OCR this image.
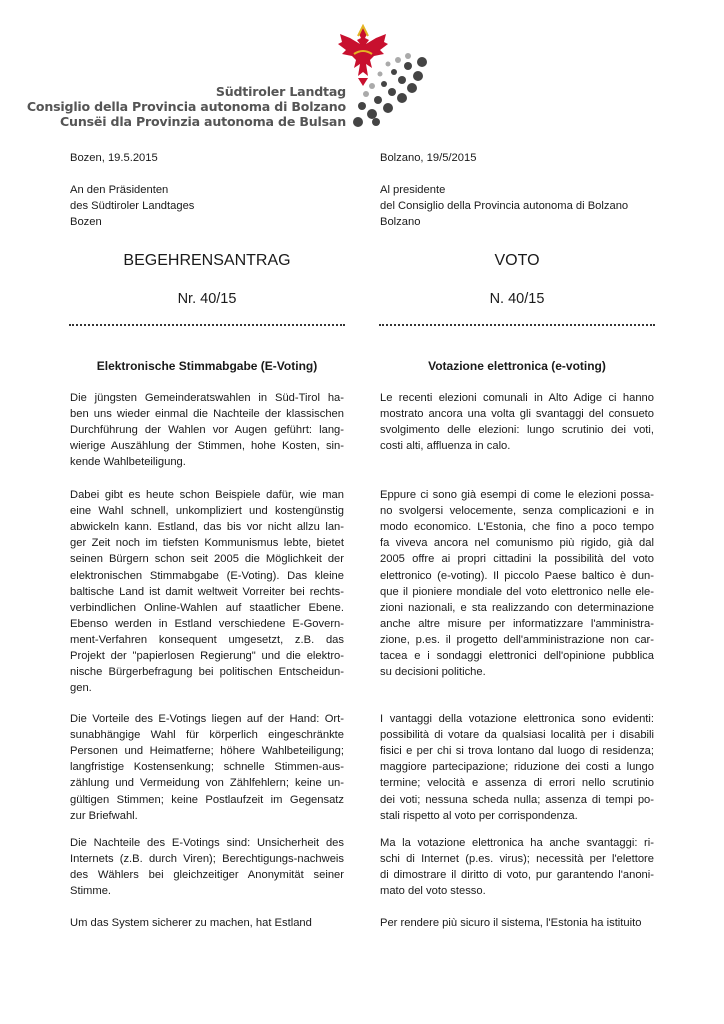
Südtiroler Landtag
Consiglio della Provincia autonoma di Bolzano
Cunsëi dla Provinzia autonoma de Bulsan

Bozen, 19.5.2015

An den Präsidenten

des Südtiroler Landtages

Bozen

BEGEHRENSANTRAG

Nr. 40/15

Elektronische Stimmabgabe (E-Voting)

Die jüngsten Gemeinderatswahlen in Süd-Tirol ha-

ben uns wieder einmal die Nachteile der klassischen

Durchführung der Wahlen vor Augen geführt: lang-

wierige Auszählung der Stimmen, hohe Kosten, sin-

kende Wahlbeteiligung.

Dabei gibt es heute schon Beispiele dafür, wie man

eine Wahl schnell, unkompliziert und kostengünstig

abwickeln kann. Estland, das bis vor nicht allzu lan-

ger Zeit noch im tiefsten Kommunismus lebte, bietet

seinen Bürgern schon seit 2005 die Möglichkeit der

elektronischen Stimmabgabe (E-Voting). Das kleine

baltische Land ist damit weltweit Vorreiter bei rechts-

verbindlichen Online-Wahlen auf staatlicher Ebene.

Ebenso werden in Estland verschiedene E-Govern-

ment-Verfahren konsequent umgesetzt, z.B. das

Projekt der "papierlosen Regierung" und die elektro-

nische Bürgerbefragung bei politischen Entscheidun-

gen.

Die Vorteile des E-Votings liegen auf der Hand: Ort-

sunabhängige Wahl für körperlich eingeschränkte

Personen und Heimatferne; höhere Wahlbeteiligung;

langfristige Kostensenkung; schnelle Stimmen-aus-

zählung und Vermeidung von Zählfehlern; keine un-

gültigen Stimmen; keine Postlaufzeit im Gegensatz

zur Briefwahl.

Die Nachteile des E-Votings sind: Unsicherheit des

Internets (z.B. durch Viren); Berechtigungs-nachweis

des Wählers bei gleichzeitiger Anonymität seiner

Stimme.

Um das System sicherer zu machen, hat Estland

Bolzano, 19/5/2015

Al presidente

del Consiglio della Provincia autonoma di Bolzano

Bolzano

VOTO

N. 40/15

Votazione elettronica (e-voting)

Le recenti elezioni comunali in Alto Adige ci hanno

mostrato ancora una volta gli svantaggi del consueto

svolgimento delle elezioni: lungo scrutinio dei voti,

costi alti, affluenza in calo.

Eppure ci sono già esempi di come le elezioni possa-

no svolgersi velocemente, senza complicazioni e in

modo economico. L'Estonia, che fino a poco tempo

fa viveva ancora nel comunismo più rigido, già dal

2005 offre ai propri cittadini la possibilità del voto

elettronico (e-voting). Il piccolo Paese baltico è dun-

que il pioniere mondiale del voto elettronico nelle ele-

zioni nazionali, e sta realizzando con determinazione

anche altre misure per informatizzare l'amministra-

zione, p.es. il progetto dell'amministrazione non car-

tacea e i sondaggi elettronici dell'opinione pubblica

su decisioni politiche.

I vantaggi della votazione elettronica sono evidenti:

possibilità di votare da qualsiasi località per i disabili

fisici e per chi si trova lontano dal luogo di residenza;

maggiore partecipazione; riduzione dei costi a lungo

termine; velocità e assenza di errori nello scrutinio

dei voti; nessuna scheda nulla; assenza di tempi po-

stali rispetto al voto per corrispondenza.

Ma la votazione elettronica ha anche svantaggi: ri-

schi di Internet (p.es. virus); necessità per l'elettore

di dimostrare il diritto di voto, pur garantendo l'anoni-

mato del voto stesso.

Per rendere più sicuro il sistema, l'Estonia ha istituito
